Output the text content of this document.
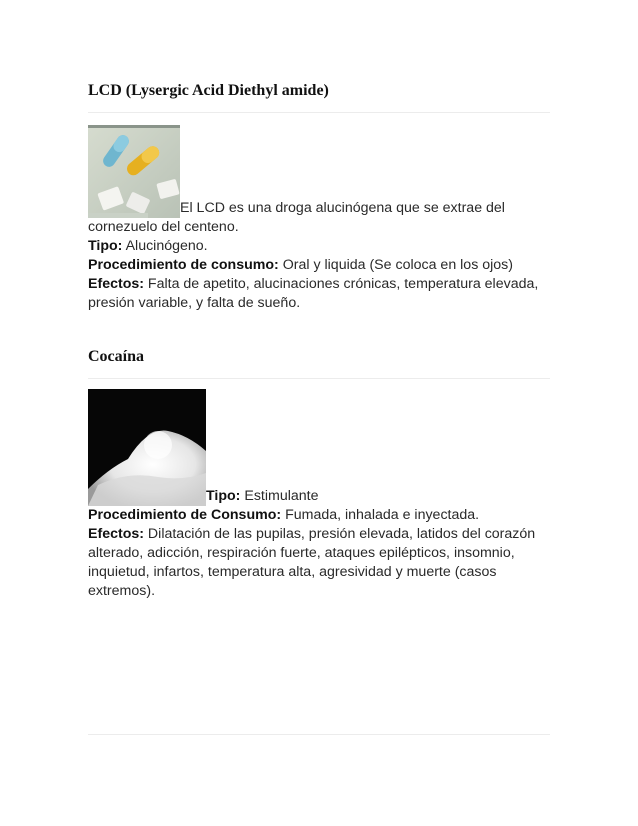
LCD (Lysergic Acid Diethyl amide)

El LCD es una droga alucinógena que se extrae del
cornezuelo del centeno.
Tipo: Alucinógeno.
Procedimiento de consumo: Oral y liquida (Se coloca en los ojos)
Efectos: Falta de apetito, alucinaciones crónicas, temperatura elevada, presión variable, y falta de sueño.

Cocaína

Tipo: Estimulante
Procedimiento de Consumo: Fumada, inhalada e inyectada.
Efectos: Dilatación de las pupilas, presión elevada, latidos del corazón alterado, adicción, respiración fuerte, ataques epilépticos, insomnio, inquietud, infartos, temperatura alta, agresividad y muerte (casos extremos).
